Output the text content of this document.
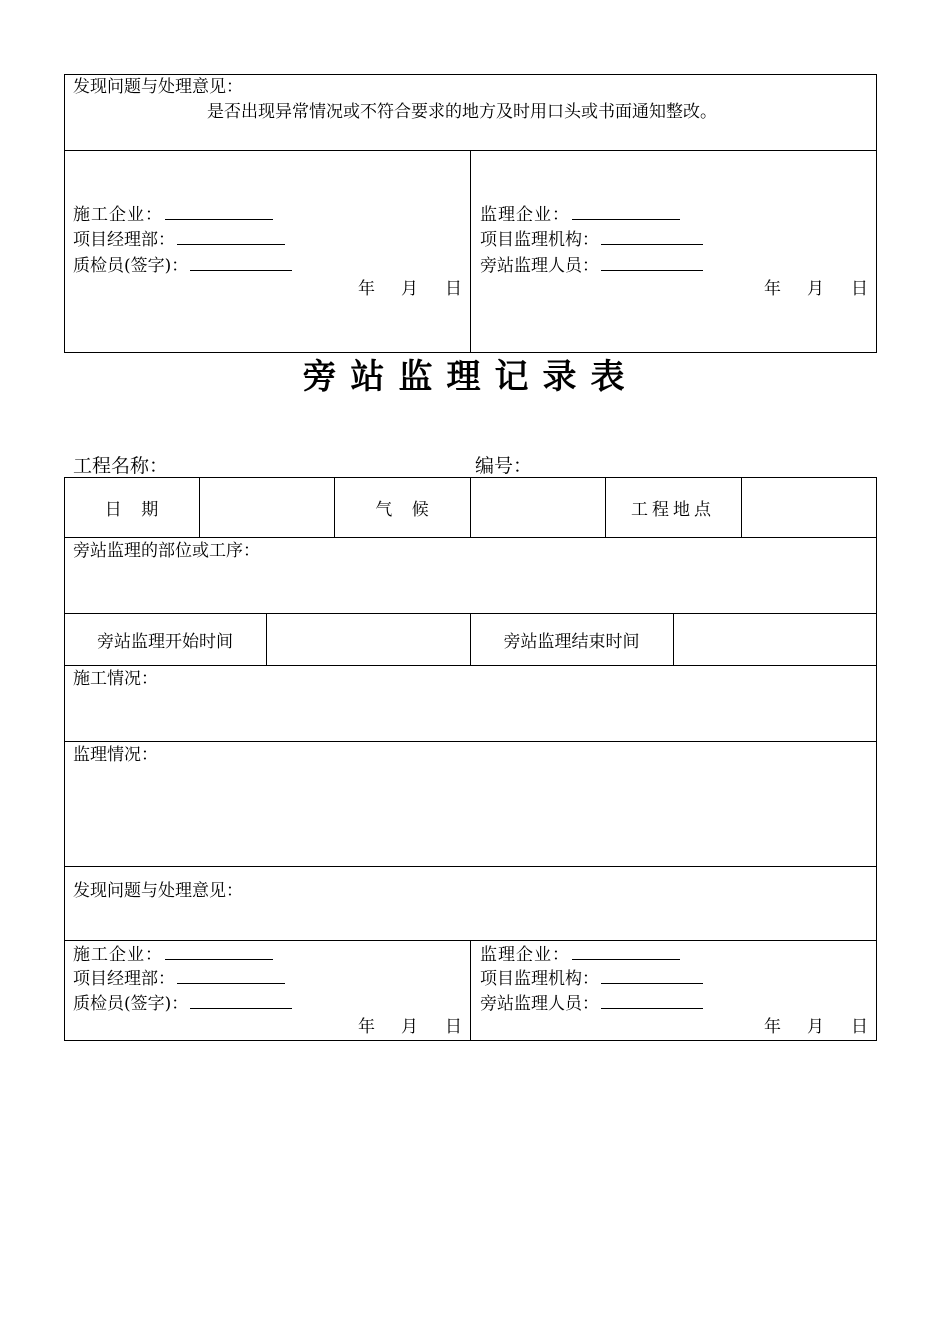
发现问题与处理意见：
是否出现异常情况或不符合要求的地方及时用口头或书面通知整改。
施工企业：
项目经理部：
质检员(签字)：
年 月 日
监理企业：
项目监理机构：
旁站监理人员：
年 月 日
旁站监理记录表
工程名称：	编号：
日 期	气 候	工程地点
旁站监理的部位或工序：
旁站监理开始时间	旁站监理结束时间
施工情况：
监理情况：
发现问题与处理意见：
施工企业：
项目经理部：
质检员(签字)：
年 月 日
监理企业：
项目监理机构：
旁站监理人员：
年 月 日
